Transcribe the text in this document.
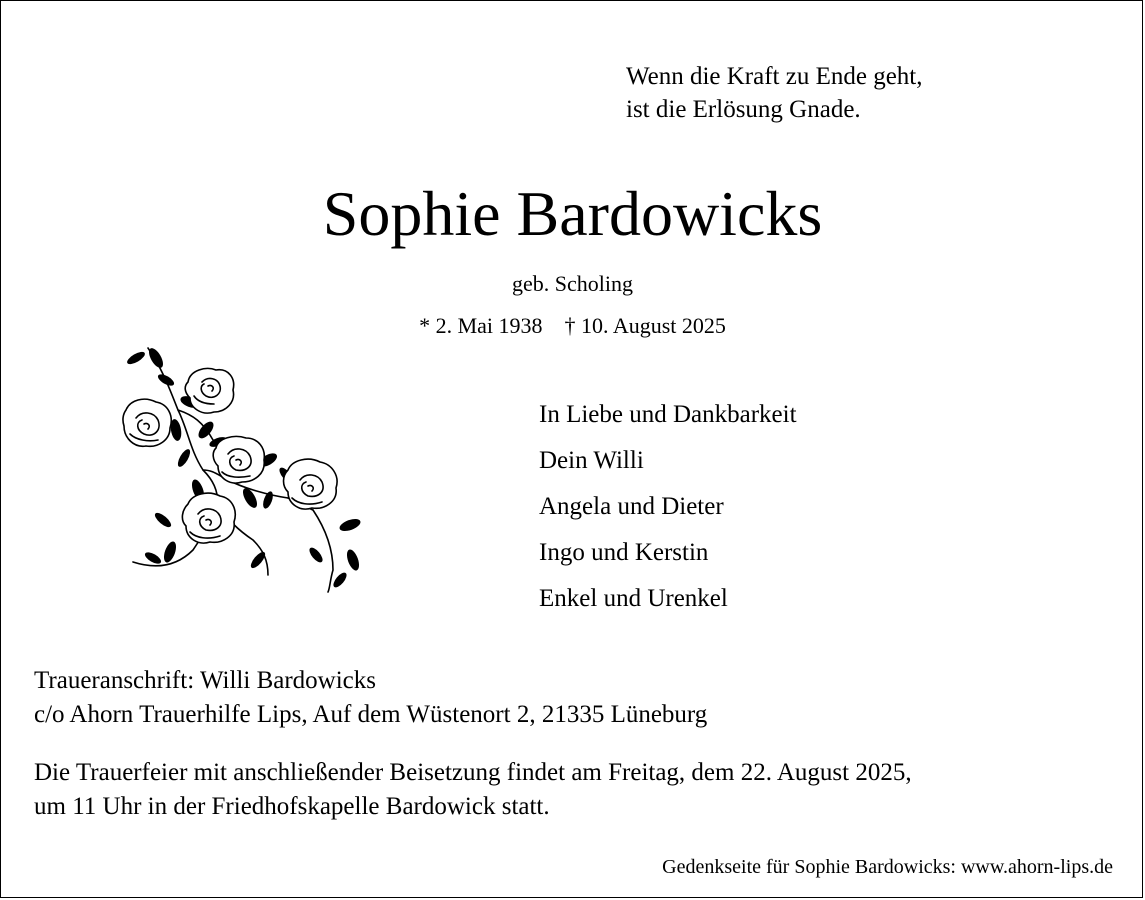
Wenn die Kraft zu Ende geht,
ist die Erlösung Gnade.
Sophie Bardowicks
geb. Scholing
* 2. Mai 1938 † 10. August 2025
In Liebe und Dankbarkeit
Dein Willi
Angela und Dieter
Ingo und Kerstin
Enkel und Urenkel
Traueranschrift: Willi Bardowicks
c/o Ahorn Trauerhilfe Lips, Auf dem Wüstenort 2, 21335 Lüneburg
Die Trauerfeier mit anschließender Beisetzung findet am Freitag, dem 22. August 2025,
um 11 Uhr in der Friedhofskapelle Bardowick statt.
Gedenkseite für Sophie Bardowicks: www.ahorn-lips.de
